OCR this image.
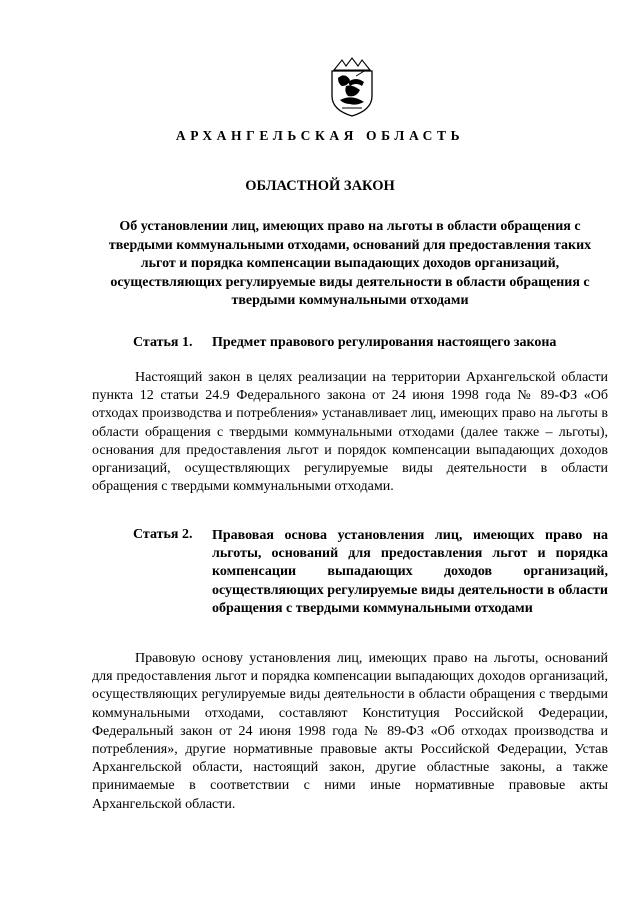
АРХАНГЕЛЬСКАЯ ОБЛАСТЬ
ОБЛАСТНОЙ ЗАКОН
Об установлении лиц, имеющих право на льготы в области обращения с твердыми коммунальными отходами, оснований для предоставления таких льгот и порядка компенсации выпадающих доходов организаций, осуществляющих регулируемые виды деятельности в области обращения с твердыми коммунальными отходами
Статья 1. Предмет правового регулирования настоящего закона
Настоящий закон в целях реализации на территории Архангельской области пункта 12 статьи 24.9 Федерального закона от 24 июня 1998 года № 89-ФЗ «Об отходах производства и потребления» устанавливает лиц, имеющих право на льготы в области обращения с твердыми коммунальными отходами (далее также – льготы), основания для предоставления льгот и порядок компенсации выпадающих доходов организаций, осуществляющих регулируемые виды деятельности в области обращения с твердыми коммунальными отходами.
Статья 2. Правовая основа установления лиц, имеющих право на льготы, оснований для предоставления льгот и порядка компенсации выпадающих доходов организаций, осуществляющих регулируемые виды деятельности в области обращения с твердыми коммунальными отходами
Правовую основу установления лиц, имеющих право на льготы, оснований для предоставления льгот и порядка компенсации выпадающих доходов организаций, осуществляющих регулируемые виды деятельности в области обращения с твердыми коммунальными отходами, составляют Конституция Российской Федерации, Федеральный закон от 24 июня 1998 года № 89-ФЗ «Об отходах производства и потребления», другие нормативные правовые акты Российской Федерации, Устав Архангельской области, настоящий закон, другие областные законы, а также принимаемые в соответствии с ними иные нормативные правовые акты Архангельской области.
